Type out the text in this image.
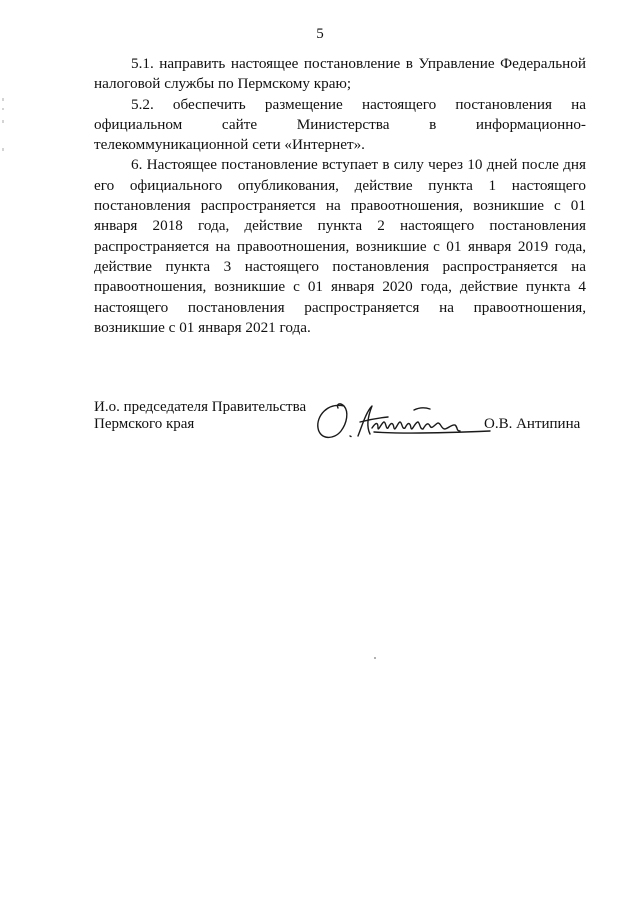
5

5.1. направить настоящее постановление в Управление Федеральной налоговой службы по Пермскому краю;

5.2. обеспечить размещение настоящего постановления на официальном сайте Министерства в информационно-телекоммуникационной сети «Интернет».

6. Настоящее постановление вступает в силу через 10 дней после дня его официального опубликования, действие пункта 1 настоящего постановления распространяется на правоотношения, возникшие с 01 января 2018 года, действие пункта 2 настоящего постановления распространяется на правоотношения, возникшие с 01 января 2019 года, действие пункта 3 настоящего постановления распространяется на правоотношения, возникшие с 01 января 2020 года, действие пункта 4 настоящего постановления распространяется на правоотношения, возникшие с 01 января 2021 года.

И.о. председателя Правительства
Пермского края	О.В. Антипина
